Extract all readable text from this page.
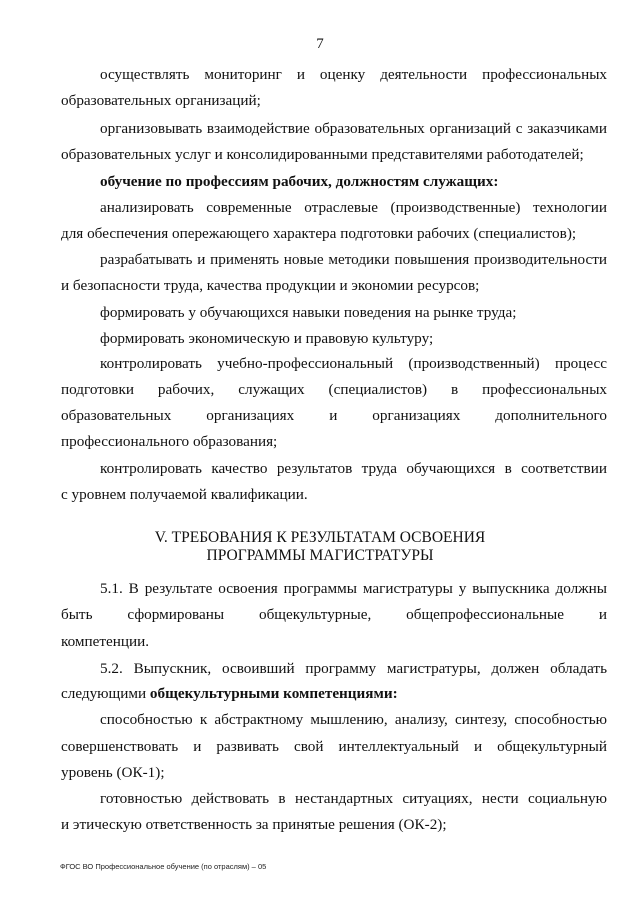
7
осуществлять мониторинг и оценку деятельности профессиональных
образовательных организаций;
организовывать взаимодействие образовательных организаций с заказчиками
образовательных услуг и консолидированными представителями работодателей;
обучение по профессиям рабочих, должностям служащих:
анализировать современные отраслевые (производственные) технологии
для обеспечения опережающего характера подготовки рабочих (специалистов);
разрабатывать и применять новые методики повышения производительности
и безопасности труда, качества продукции и экономии ресурсов;
формировать у обучающихся навыки поведения на рынке труда;
формировать экономическую и правовую культуру;
контролировать учебно-профессиональный (производственный) процесс
подготовки рабочих, служащих (специалистов) в профессиональных
образовательных организациях и организациях дополнительного
профессионального образования;
контролировать качество результатов труда обучающихся в соответствии
с уровнем получаемой квалификации.
V. ТРЕБОВАНИЯ К РЕЗУЛЬТАТАМ ОСВОЕНИЯ
ПРОГРАММЫ МАГИСТРАТУРЫ
5.1. В результате освоения программы магистратуры у выпускника должны
быть сформированы общекультурные, общепрофессиональные и
компетенции.
5.2. Выпускник, освоивший программу магистратуры, должен обладать
следующими общекультурными компетенциями:
способностью к абстрактному мышлению, анализу, синтезу, способностью
совершенствовать и развивать свой интеллектуальный и общекультурный
уровень (ОК-1);
готовностью действовать в нестандартных ситуациях, нести социальную
и этическую ответственность за принятые решения (ОК-2);
ФГОС ВО Профессиональное обучение (по отраслям) – 05
